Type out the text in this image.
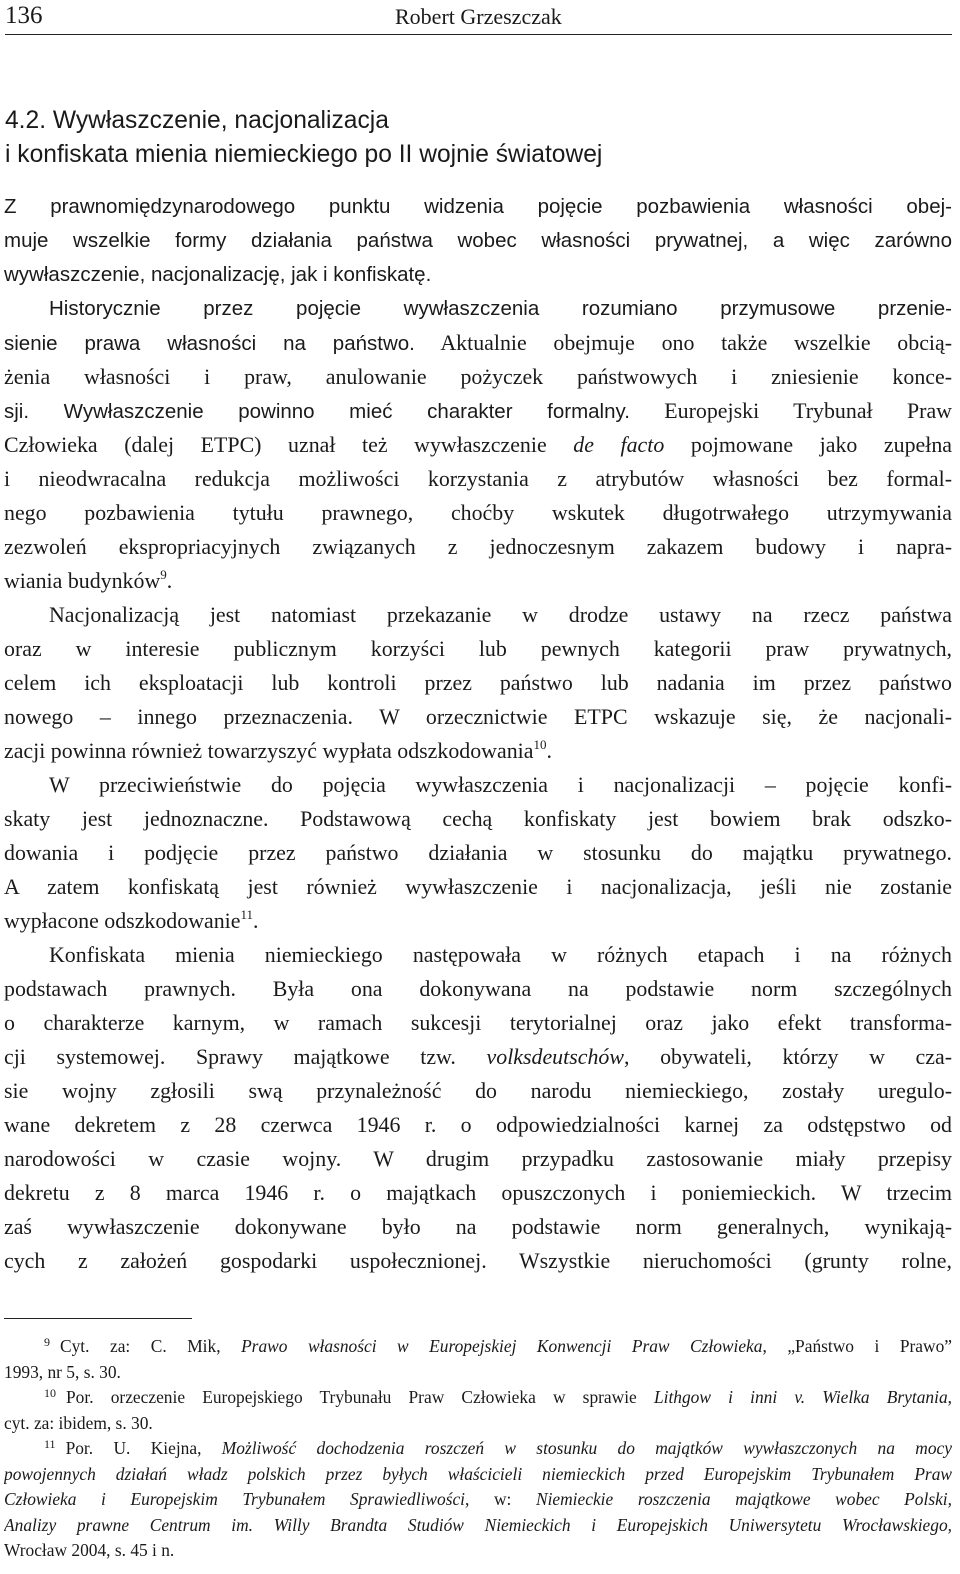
136	Robert Grzeszczak
4.2. Wywłaszczenie, nacjonalizacja
i konfiskata mienia niemieckiego po II wojnie światowej

Z prawnomiędzynarodowego punktu widzenia pojęcie pozbawienia własności obej-
muje wszelkie formy działania państwa wobec własności prywatnej, a więc zarówno
wywłaszczenie, nacjonalizację, jak i konfiskatę.

Historycznie przez pojęcie wywłaszczenia rozumiano przymusowe przenie-
sienie prawa własności na państwo. Aktualnie obejmuje ono także wszelkie obcią-
żenia własności i praw, anulowanie pożyczek państwowych i zniesienie konce-
sji. Wywłaszczenie powinno mieć charakter formalny. Europejski Trybunał Praw
Człowieka (dalej ETPC) uznał też wywłaszczenie de facto pojmowane jako zupełna
i nieodwracalna redukcja możliwości korzystania z atrybutów własności bez formal-
nego pozbawienia tytułu prawnego, choćby wskutek długotrwałego utrzymywania
zezwoleń ekspropriacyjnych związanych z jednoczesnym zakazem budowy i napra-
wiania budynków$^9$.

Nacjonalizacją jest natomiast przekazanie w drodze ustawy na rzecz państwa
oraz w interesie publicznym korzyści lub pewnych kategorii praw prywatnych,
celem ich eksploatacji lub kontroli przez państwo lub nadania im przez państwo
nowego – innego przeznaczenia. W orzecznictwie ETPC wskazuje się, że nacjonali-
zacji powinna również towarzyszyć wypłata odszkodowania$^{10}$.

W przeciwieństwie do pojęcia wywłaszczenia i nacjonalizacji – pojęcie konfi-
skaty jest jednoznaczne. Podstawową cechą konfiskaty jest bowiem brak odszko-
dowania i podjęcie przez państwo działania w stosunku do majątku prywatnego.
A zatem konfiskatą jest również wywłaszczenie i nacjonalizacja, jeśli nie zostanie
wypłacone odszkodowanie$^{11}$.

Konfiskata mienia niemieckiego następowała w różnych etapach i na różnych
podstawach prawnych. Była ona dokonywana na podstawie norm szczególnych
o charakterze karnym, w ramach sukcesji terytorialnej oraz jako efekt transforma-
cji systemowej. Sprawy majątkowe tzw. volksdeutschów, obywateli, którzy w cza-
sie wojny zgłosili swą przynależność do narodu niemieckiego, zostały uregulo-
wane dekretem z 28 czerwca 1946 r. o odpowiedzialności karnej za odstępstwo od
narodowości w czasie wojny. W drugim przypadku zastosowanie miały przepisy
dekretu z 8 marca 1946 r. o majątkach opuszczonych i poniemieckich. W trzecim
zaś wywłaszczenie dokonywane było na podstawie norm generalnych, wynikają-
cych z założeń gospodarki uspołecznionej. Wszystkie nieruchomości (grunty rolne,

9 Cyt. za: C. Mik, Prawo własności w Europejskiej Konwencji Praw Człowieka, „Państwo i Prawo”
1993, nr 5, s. 30.

10 Por. orzeczenie Europejskiego Trybunału Praw Człowieka w sprawie Lithgow i inni v. Wielka Brytania,
cyt. za: ibidem, s. 30.

11 Por. U. Kiejna, Możliwość dochodzenia roszczeń w stosunku do majątków wywłaszczonych na mocy
powojennych działań władz polskich przez byłych właścicieli niemieckich przed Europejskim Trybunałem Praw
Człowieka i Europejskim Trybunałem Sprawiedliwości, w: Niemieckie roszczenia majątkowe wobec Polski,
Analizy prawne Centrum im. Willy Brandta Studiów Niemieckich i Europejskich Uniwersytetu Wrocławskiego,
Wrocław 2004, s. 45 i n.
